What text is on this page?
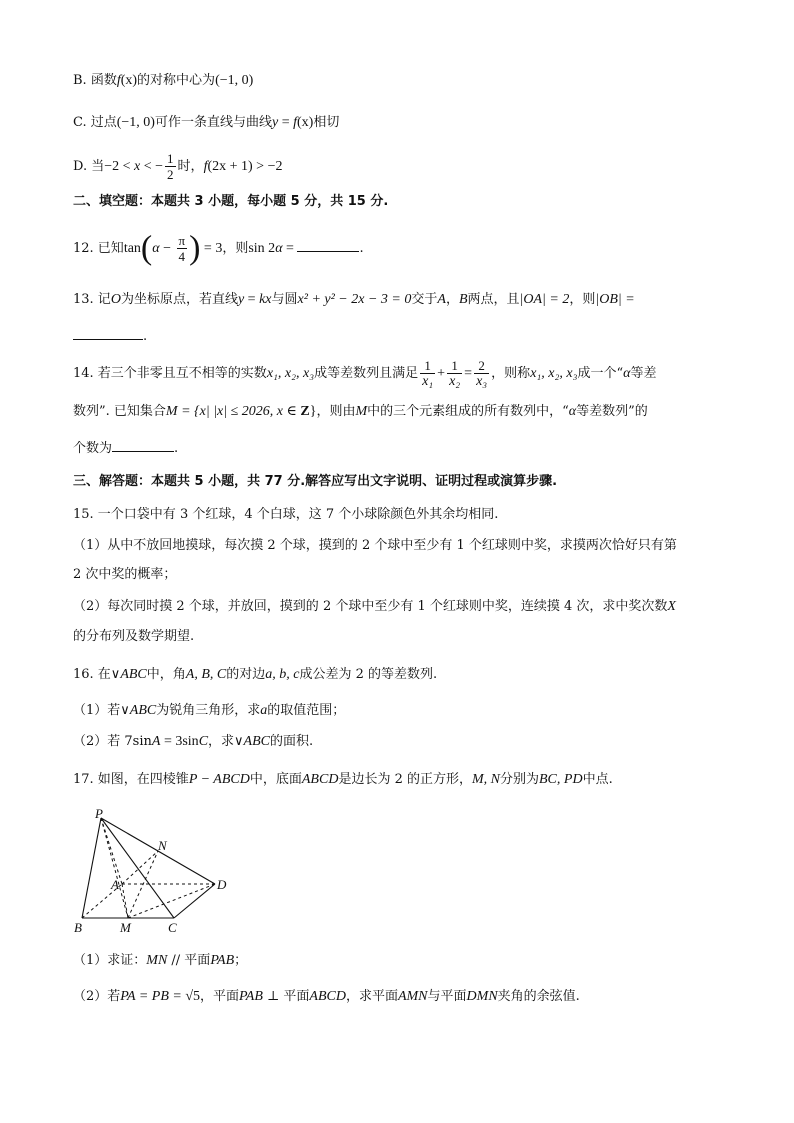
B. 函数f(x)的对称中心为(−1, 0)
C. 过点(−1, 0)可作一条直线与曲线y = f(x)相切
D. 当−2 < x < − $\frac{1}{2}$ 时，f(2x + 1) > −2
二、填空题：本题共 3 小题，每小题 5 分，共 15 分.
12. 已知$\tan(\alpha - \frac{\pi}{4}$ ) = 3，则sin 2α =	.
13. 记O为坐标原点，若直线y = kx与圆x² + y² − 2x − 3 = 0交于A，B两点，且|OA| = 2，则|OB| =
.
14. 若三个非零且互不相等的实数x₁, x₂, x₃成等差数列且满足 $\frac{1}{\text{x₁}} + \frac{1}{\text{x₂}} = \frac{2}{\text{x₃}}$ ，则称x₁, x₂, x₃成一个“α等差
数列”. 已知集合M = {x| |x| ≤ 2026, x ∈ Z}，则由M中的三个元素组成的所有数列中，“α等差数列”的
个数为	.
三、解答题：本题共 5 小题，共 77 分.解答应写出文字说明、证明过程或演算步骤.
15. 一个口袋中有 3 个红球，4 个白球，这 7 个小球除颜色外其余均相同.
（1）从中不放回地摸球，每次摸 2 个球，摸到的 2 个球中至少有 1 个红球则中奖，求摸两次恰好只有第
2 次中奖的概率；
（2）每次同时摸 2 个球，并放回，摸到的 2 个球中至少有 1 个红球则中奖，连续摸 4 次，求中奖次数X
的分布列及数学期望.
16. 在∨ABC中，角A, B, C的对边a, b, c成公差为 2 的等差数列.
（1）若∨ABC为锐角三角形，求a的取值范围；
（2）若 7sinA = 3sinC，求∨ABC的面积.
17. 如图，在四棱锥P − ABCD中，底面ABCD是边长为 2 的正方形，M, N分别为BC, PD中点.
P
N
A	D
B	M	C
（1）求证：MN // 平面PAB；
（2）若PA = PB = √5，平面PAB ⊥ 平面ABCD，求平面AMN与平面DMN夹角的余弦值.
